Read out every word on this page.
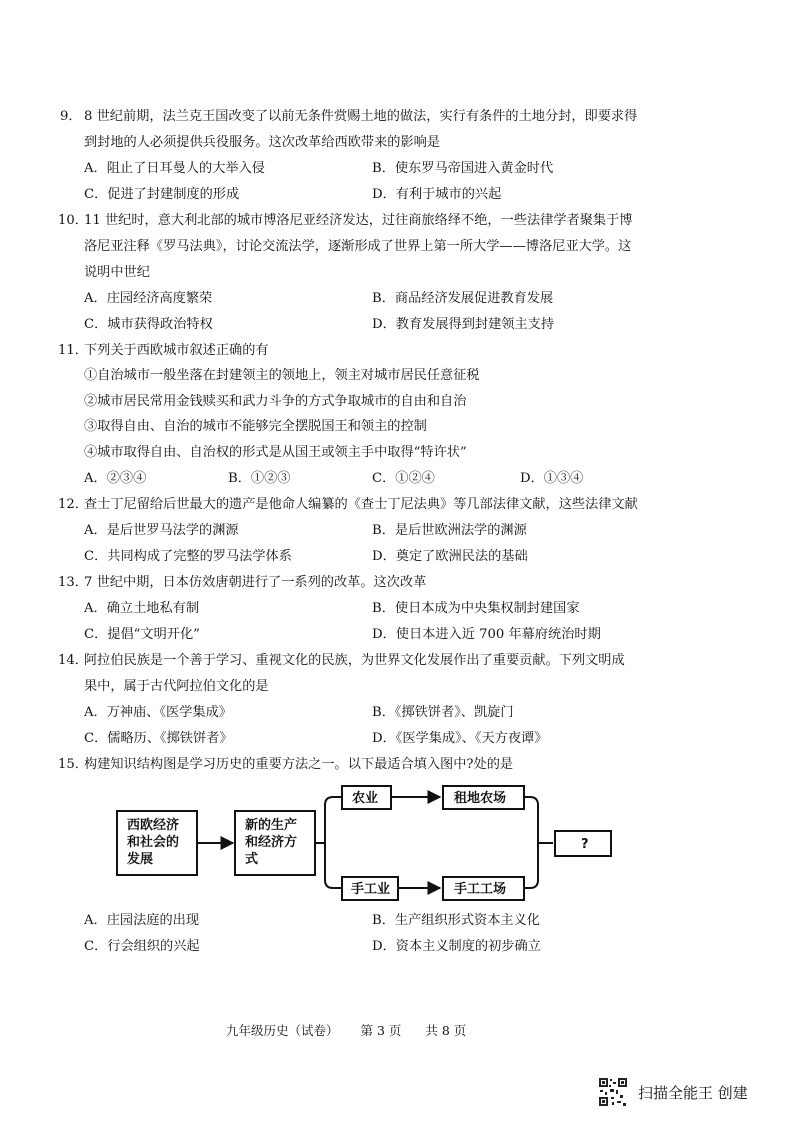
9． 8 世纪前期，法兰克王国改变了以前无条件赏赐土地的做法，实行有条件的土地分封，即要求得
到封地的人必须提供兵役服务。这次改革给西欧带来的影响是
A．阻止了日耳曼人的大举入侵	B．使东罗马帝国进入黄金时代
C．促进了封建制度的形成	D．有利于城市的兴起
10．
11 世纪时，意大利北部的城市博洛尼亚经济发达，过往商旅络绎不绝，一些法律学者聚集于博
洛尼亚注释《罗马法典》，讨论交流法学，逐渐形成了世界上第一所大学——博洛尼亚大学。这
说明中世纪
A．庄园经济高度繁荣	B．商品经济发展促进教育发展
C．城市获得政治特权	D．教育发展得到封建领主支持
11．
下列关于西欧城市叙述正确的有
①自治城市一般坐落在封建领主的领地上，领主对城市居民任意征税
②城市居民常用金钱赎买和武力斗争的方式争取城市的自由和自治
③取得自由、自治的城市不能够完全摆脱国王和领主的控制
④城市取得自由、自治权的形式是从国王或领主手中取得“特许状”
A．②③④	B．①②③	C．①②④	D．①③④
12．
查士丁尼留给后世最大的遗产是他命人编纂的《查士丁尼法典》等几部法律文献，这些法律文献
A．是后世罗马法学的渊源	B．是后世欧洲法学的渊源
C．共同构成了完整的罗马法学体系	D．奠定了欧洲民法的基础
13．
7 世纪中期，日本仿效唐朝进行了一系列的改革。这次改革
A．确立土地私有制	B．使日本成为中央集权制封建国家
C．提倡“文明开化”	D．使日本进入近 700 年幕府统治时期
14．
阿拉伯民族是一个善于学习、重视文化的民族，为世界文化发展作出了重要贡献。下列文明成
果中，属于古代阿拉伯文化的是
A．万神庙、《医学集成》	B．《掷铁饼者》、凯旋门
C．儒略历、《掷铁饼者》	D．《医学集成》、《天方夜谭》
15．
构建知识结构图是学习历史的重要方法之一。以下最适合填入图中?处的是
西欧经济
和社会的
发展
新的生产
和经济方
式
农业	租地农场
手工业	手工工场
?
A．庄园法庭的出现	B．生产组织形式资本主义化
C．行会组织的兴起	D．资本主义制度的初步确立
九年级历史（试卷） 第 3 页 共 8 页
扫描全能王 创建
